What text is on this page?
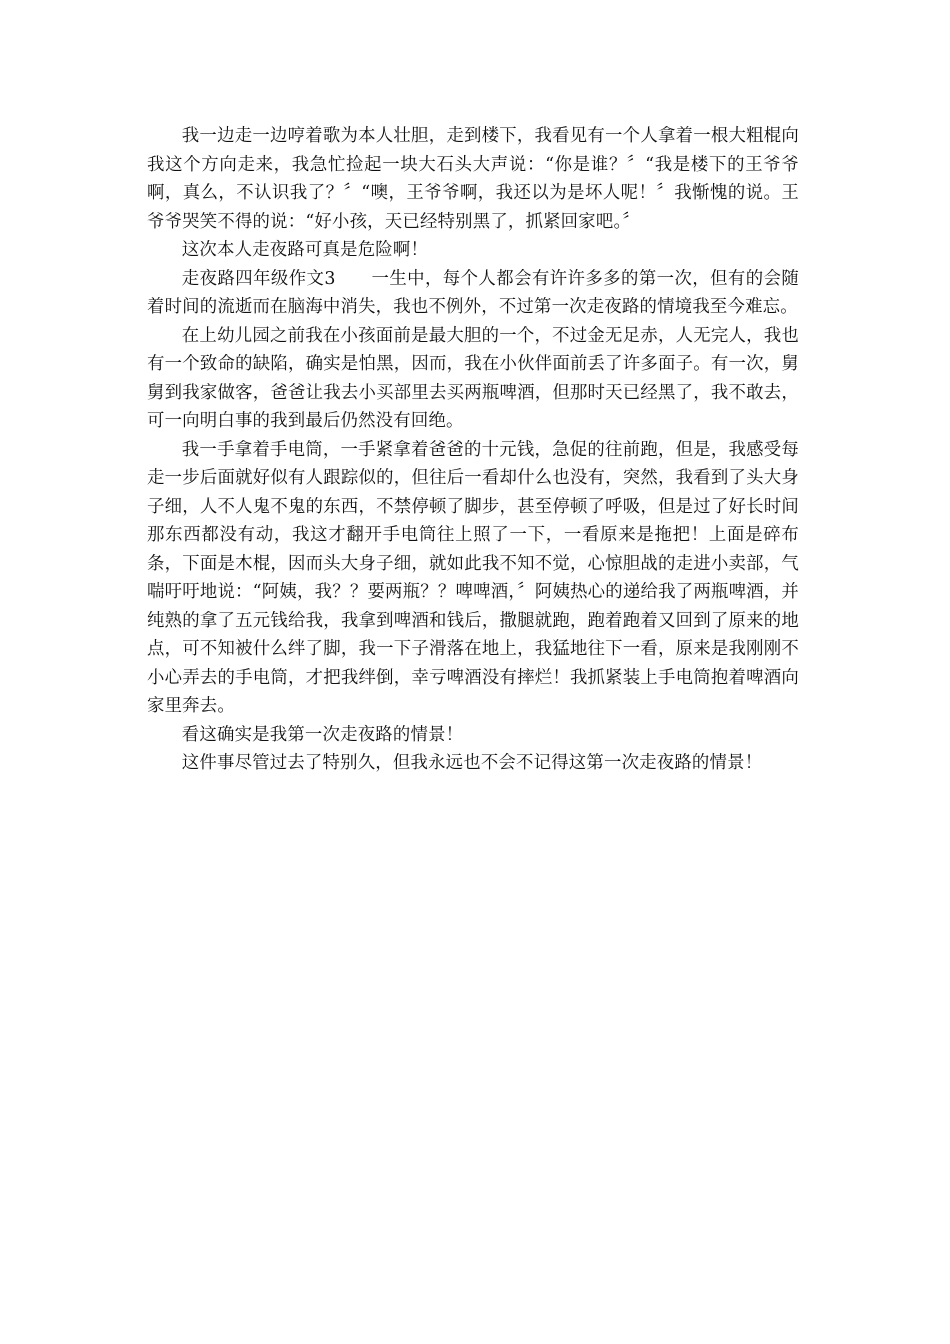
我一边走一边哼着歌为本人壮胆，走到楼下，我看见有一个人拿着一根大粗棍向我这个方向走来，我急忙捡起一块大石头大声说：“你是谁？〞“我是楼下的王爷爷啊，真么，不认识我了？〞“噢，王爷爷啊，我还以为是坏人呢！〞我惭愧的说。王爷爷哭笑不得的说：“好小孩，天已经特别黑了，抓紧回家吧。〞

这次本人走夜路可真是危险啊！

走夜路四年级作文3　　一生中，每个人都会有许许多多的第一次，但有的会随着时间的流逝而在脑海中消失，我也不例外，不过第一次走夜路的情境我至今难忘。

在上幼儿园之前我在小孩面前是最大胆的一个，不过金无足赤，人无完人，我也有一个致命的缺陷，确实是怕黑，因而，我在小伙伴面前丢了许多面子。有一次，舅舅到我家做客，爸爸让我去小买部里去买两瓶啤酒，但那时天已经黑了，我不敢去，可一向明白事的我到最后仍然没有回绝。

我一手拿着手电筒，一手紧拿着爸爸的十元钱，急促的往前跑，但是，我感受每走一步后面就好似有人跟踪似的，但往后一看却什么也没有，突然，我看到了头大身子细，人不人鬼不鬼的东西，不禁停顿了脚步，甚至停顿了呼吸，但是过了好长时间那东西都没有动，我这才翻开手电筒往上照了一下，一看原来是拖把！上面是碎布条，下面是木棍，因而头大身子细，就如此我不知不觉，心惊胆战的走进小卖部，气喘吁吁地说：“阿姨，我？？要两瓶？？啤啤酒，〞阿姨热心的递给我了两瓶啤酒，并纯熟的拿了五元钱给我，我拿到啤酒和钱后，撒腿就跑，跑着跑着又回到了原来的地点，可不知被什么绊了脚，我一下子滑落在地上，我猛地往下一看，原来是我刚刚不小心弄去的手电筒，才把我绊倒，幸亏啤酒没有摔烂！我抓紧装上手电筒抱着啤酒向家里奔去。

看这确实是我第一次走夜路的情景！

这件事尽管过去了特别久，但我永远也不会不记得这第一次走夜路的情景！
